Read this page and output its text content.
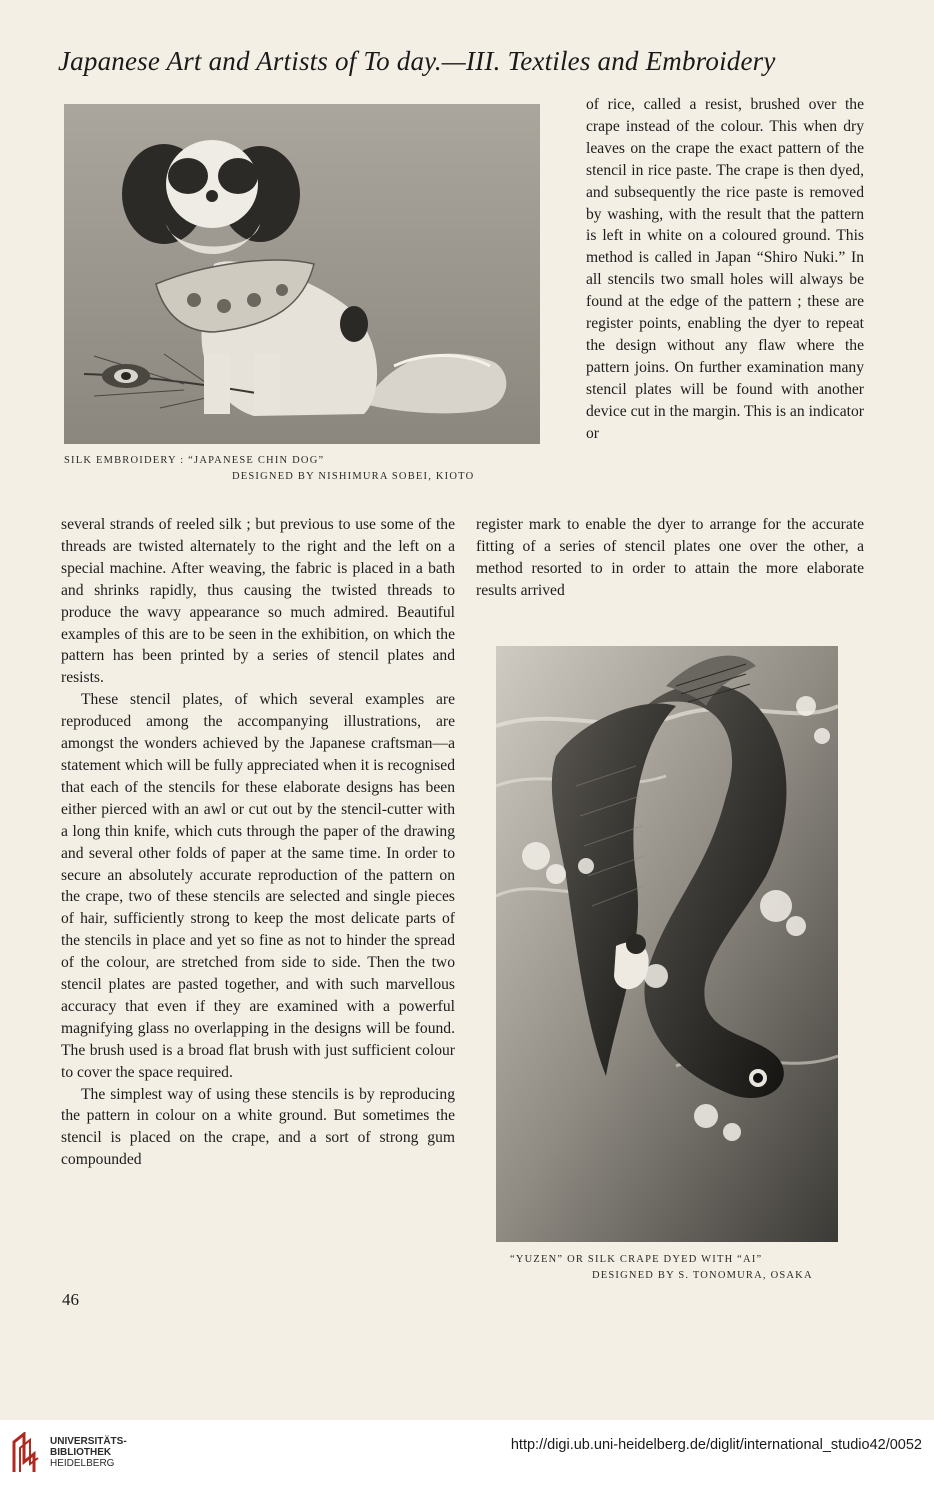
Japanese Art and Artists of To day.—III. Textiles and Embroidery
SILK EMBROIDERY : “JAPANESE CHIN DOG”
DESIGNED BY NISHIMURA SOBEI, KIOTO

of rice, called a resist, brushed over the crape instead of the colour. This when dry leaves on the crape the exact pattern of the stencil in rice paste. The crape is then dyed, and subsequently the rice paste is removed by washing, with the result that the pattern is left in white on a coloured ground. This method is called in Japan “Shiro Nuki.” In all stencils two small holes will always be found at the edge of the pattern ; these are register points, enabling the dyer to repeat the design without any flaw where the pattern joins. On further examination many stencil plates will be found with another device cut in the margin. This is an indicator or

register mark to enable the dyer to arrange for the accurate fitting of a series of stencil plates one over the other, a method resorted to in order to attain the more elaborate results arrived

several strands of reeled silk ; but previous to use some of the threads are twisted alternately to the right and the left on a special machine. After weaving, the fabric is placed in a bath and shrinks rapidly, thus causing the twisted threads to produce the wavy appearance so much admired. Beautiful examples of this are to be seen in the exhibition, on which the pattern has been printed by a series of stencil plates and resists.

These stencil plates, of which several examples are reproduced among the accompanying illustrations, are amongst the wonders achieved by the Japanese craftsman—a statement which will be fully appreciated when it is recognised that each of the stencils for these elaborate designs has been either pierced with an awl or cut out by the stencil-cutter with a long thin knife, which cuts through the paper of the drawing and several other folds of paper at the same time. In order to secure an absolutely accurate reproduction of the pattern on the crape, two of these stencils are selected and single pieces of hair, sufficiently strong to keep the most delicate parts of the stencils in place and yet so fine as not to hinder the spread of the colour, are stretched from side to side. Then the two stencil plates are pasted together, and with such marvellous accuracy that even if they are examined with a powerful magnifying glass no overlapping in the designs will be found. The brush used is a broad flat brush with just sufficient colour to cover the space required.

The simplest way of using these stencils is by reproducing the pattern in colour on a white ground. But sometimes the stencil is placed on the crape, and a sort of strong gum compounded

“YUZEN” OR SILK CRAPE DYED WITH “AI”
DESIGNED BY S. TONOMURA, OSAKA
46
UNIVERSITÄTS-
BIBLIOTHEK
HEIDELBERG
http://digi.ub.uni-heidelberg.de/diglit/international_studio42/0052
